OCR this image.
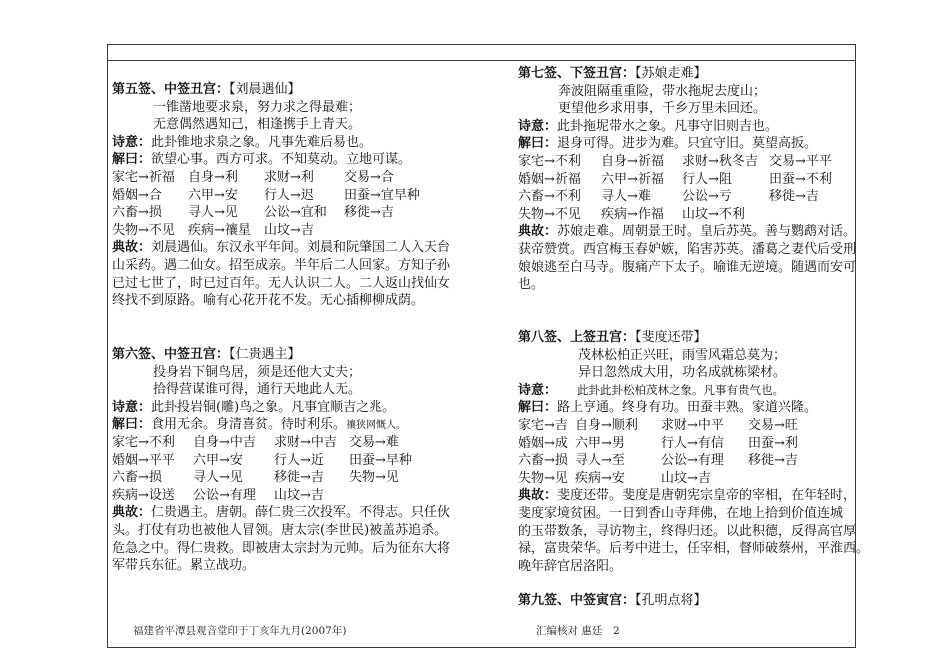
第五签、中签丑宫：【刘晨遇仙】
一锥凿地要求泉，努力求之得最难；
无意偶然遇知己，相逢携手上青天。
诗意：此卦锥地求泉之象。凡事先难后易也。
解曰：欲望心事。西方可求。不知莫动。立地可谋。
家宅→祈福	自身→利	求财→利	交易→合
婚姻→合	六甲→安	行人→迟	田蚕→宜早种
六畜→损	寻人→见	公讼→宜和	移徙→吉
失物→不见	疾病→禳星	山坟→吉
典故：刘晨遇仙。东汉永平年间。刘晨和阮肇国二人入天台
山采药。遇二仙女。招至成亲。半年后二人回家。方知子孙
已过七世了，时已过百年。无人认识二人。二人返山找仙女
终找不到原路。喻有心花开花不发。无心插柳柳成荫。
第六签、中签丑宫：【仁贵遇主】
投身岩下铜鸟居，须是还他大丈夫；
拾得营谋谁可得，通行天地此人无。
诗意：此卦投岩铜(雕)鸟之象。凡事宜顺吉之兆。
解曰：食用无余。身清喜贫。待时利乐。禳狭网慨人。
家宅→不利	自身→中吉	求财→中吉 交易→难
婚姻→平平	六甲→安	行人→近	田蚕→早种
六畜→损	寻人→见	移徙→吉	失物→见
疾病→设送	公讼→有理	山坟→吉
典故：仁贵遇主。唐朝。薛仁贵三次投军。不得志。只任伙
头。打仗有功也被他人冒领。唐太宗(李世民)被盖苏追杀。
危急之中。得仁贵救。即被唐太宗封为元帅。后为征东大将
军带兵东征。累立战功。
第七签、下签丑宫：【苏娘走难】
奔波阻隔重重险，带水拖坭去度山；
更望他乡求用事，千乡万里未回还。
诗意：此卦拖坭带水之象。凡事守旧则吉也。
解曰：退身可得。进步为难。只宜守旧。莫望高扳。
家宅→不利	自身→祈福	求财→秋冬吉 交易→平平
婚姻→祈福	六甲→祈福	行人→阻	田蚕→不利
六畜→不利	寻人→难	公讼→亏	移徙→吉
失物→不见	疾病→作福	山坟→不利
典故：苏娘走难。周朝景王时。皇后苏英。善与鹦鹉对话。
获帝赞赏。西宫梅玉春妒嫉，陷害苏英。潘葛之妻代后受刑
娘娘逃至白马寺。腹痛产下太子。喻谁无逆境。随遇而安可
也。
第八签、上签丑宫：【斐度还带】
茂林松柏正兴旺，雨雪风霜总莫为；
异日忽然成大用，功名成就栋梁材。
诗意： 此卦此卦松柏茂林之象。凡事有贵气也。
解曰：路上亨通。终身有功。田蚕丰熟。家道兴隆。
家宅→吉 自身→顺利	求财→中平	交易→旺
婚姻→成 六甲→男	行人→有信	田蚕→利
六畜→损 寻人→至	公讼→有理	移徙→吉
失物→见 疾病→安	山坟→吉
典故：斐度还带。斐度是唐朝宪宗皇帝的宰相，在年轻时，
斐度家境贫困。一日到香山寺拜佛，在地上拾到价值连城
的玉带数条，寻访物主，终得归还。以此积德，反得高官厚
禄，富贵荣华。后考中进士，任宰相，督师破蔡州，平淮西。
晚年辞官居洛阳。
第九签、中签寅宫：【孔明点将】
福建省平潭县观音堂印于丁亥年九月(2007年)	汇编核对 惠廷 2
